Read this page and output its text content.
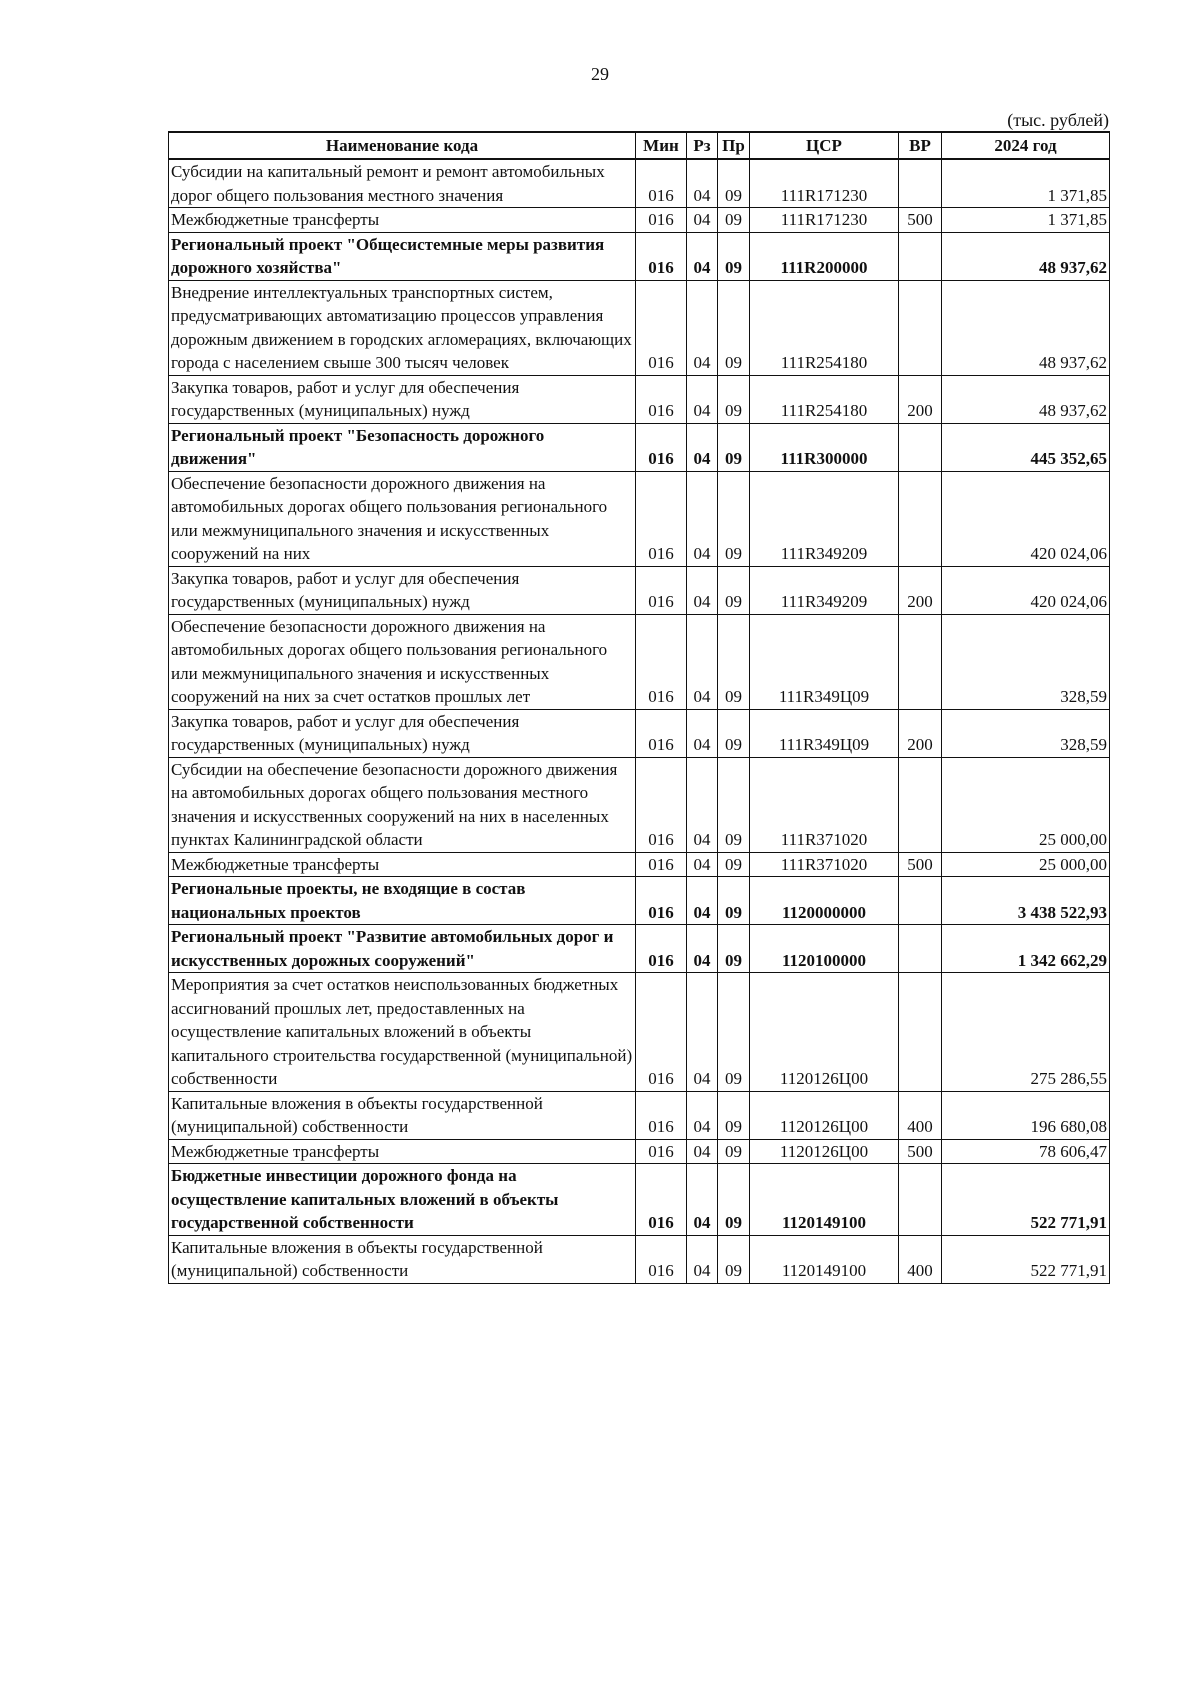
29
(тыс. рублей)
Наименование кода	Мин	Рз	Пр	ЦСР	ВР	2024 год
Субсидии на капитальный ремонт и ремонт автомобильных дорог общего пользования местного значения	016	04	09	111R171230		1 371,85
Межбюджетные трансферты	016	04	09	111R171230	500	1 371,85
Региональный проект "Общесистемные меры развития дорожного хозяйства"	016	04	09	111R200000		48 937,62
Внедрение интеллектуальных транспортных систем, предусматривающих автоматизацию процессов управления дорожным движением в городских агломерациях, включающих города с населением свыше 300 тысяч человек	016	04	09	111R254180		48 937,62
Закупка товаров, работ и услуг для обеспечения государственных (муниципальных) нужд	016	04	09	111R254180	200	48 937,62
Региональный проект "Безопасность дорожного движения"	016	04	09	111R300000		445 352,65
Обеспечение безопасности дорожного движения на автомобильных дорогах общего пользования регионального или межмуниципального значения и искусственных сооружений на них	016	04	09	111R349209		420 024,06
Закупка товаров, работ и услуг для обеспечения государственных (муниципальных) нужд	016	04	09	111R349209	200	420 024,06
Обеспечение безопасности дорожного движения на автомобильных дорогах общего пользования регионального или межмуниципального значения и искусственных сооружений на них за счет остатков прошлых лет	016	04	09	111R349Ц09		328,59
Закупка товаров, работ и услуг для обеспечения государственных (муниципальных) нужд	016	04	09	111R349Ц09	200	328,59
Субсидии на обеспечение безопасности дорожного движения на автомобильных дорогах общего пользования местного значения и искусственных сооружений на них в населенных пунктах Калининградской области	016	04	09	111R371020		25 000,00
Межбюджетные трансферты	016	04	09	111R371020	500	25 000,00
Региональные проекты, не входящие в состав национальных проектов	016	04	09	1120000000		3 438 522,93
Региональный проект "Развитие автомобильных дорог и искусственных дорожных сооружений"	016	04	09	1120100000		1 342 662,29
Мероприятия за счет остатков неиспользованных бюджетных ассигнований прошлых лет, предоставленных на осуществление капитальных вложений в объекты капитального строительства государственной (муниципальной) собственности	016	04	09	1120126Ц00		275 286,55
Капитальные вложения в объекты государственной (муниципальной) собственности	016	04	09	1120126Ц00	400	196 680,08
Межбюджетные трансферты	016	04	09	1120126Ц00	500	78 606,47
Бюджетные инвестиции дорожного фонда на осуществление капитальных вложений в объекты государственной собственности	016	04	09	1120149100		522 771,91
Капитальные вложения в объекты государственной (муниципальной) собственности	016	04	09	1120149100	400	522 771,91
